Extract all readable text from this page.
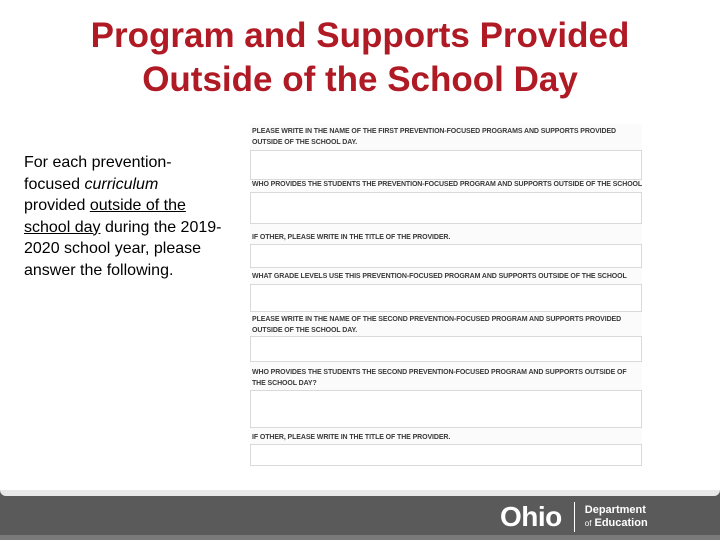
Program and Supports Provided
Outside of the School Day
For each prevention-focused curriculum provided outside of the school day during the 2019-2020 school year, please answer the following.
PLEASE WRITE IN THE NAME OF THE FIRST PREVENTION-FOCUSED PROGRAMS AND SUPPORTS PROVIDED OUTSIDE OF THE SCHOOL DAY.
WHO PROVIDES THE STUDENTS THE PREVENTION-FOCUSED PROGRAM AND SUPPORTS OUTSIDE OF THE SCHOOL
IF OTHER, PLEASE WRITE IN THE TITLE OF THE PROVIDER.
WHAT GRADE LEVELS USE THIS PREVENTION-FOCUSED PROGRAM AND SUPPORTS OUTSIDE OF THE SCHOOL
PLEASE WRITE IN THE NAME OF THE SECOND PREVENTION-FOCUSED PROGRAM AND SUPPORTS PROVIDED OUTSIDE OF THE SCHOOL DAY.
WHO PROVIDES THE STUDENTS THE SECOND PREVENTION-FOCUSED PROGRAM AND SUPPORTS OUTSIDE OF THE SCHOOL DAY?
IF OTHER, PLEASE WRITE IN THE TITLE OF THE PROVIDER.
Ohio Department
of Education
